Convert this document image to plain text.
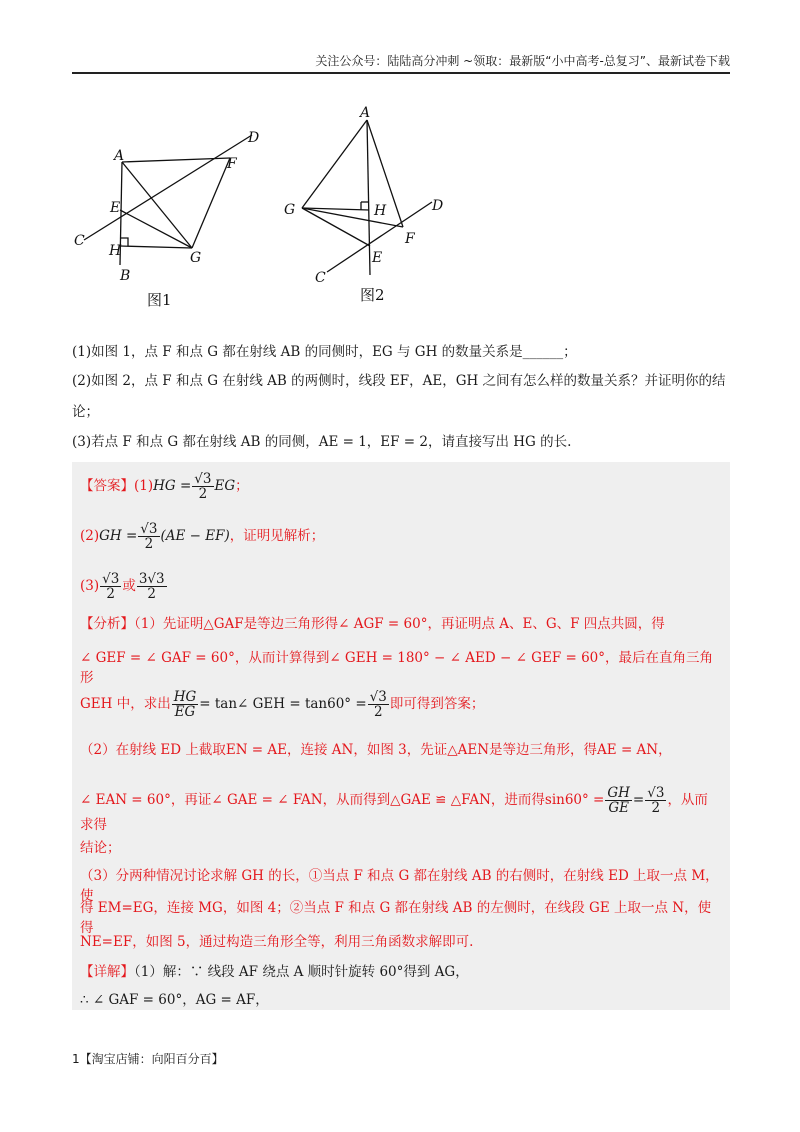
关注公众号：陆陆高分冲刺 ~领取：最新版“小中高考-总复习”、最新试卷下载
A
D
F
E
C
H	G
B
图1
A
G	H	D
F
E
C
图2
(1)如图 1，点 F 和点 G 都在射线 AB 的同侧时，EG 与 GH 的数量关系是______；
(2)如图 2，点 F 和点 G 在射线 AB 的两侧时，线段 EF，AE，GH 之间有怎么样的数量关系？并证明你的结
论；
(3)若点 F 和点 G 都在射线 AB 的同侧，AE = 1，EF = 2，请直接写出 HG 的长.
【答案】$(1)HG = \frac{√3}{2}$ EG；
$(2)GH = \frac{√3}{2} (AE - EF)$，证明见解析；
$(3) \frac{√3}{2}$ 或 $\frac{3√3}{2}$
【分析】（1）先证明△GAF是等边三角形得∠ AGF = 60°，再证明点 A、E、G、F 四点共圆，得
∠ GEF = ∠ GAF = 60°，从而计算得到∠ GEH = 180° − ∠ AED − ∠ GEF = 60°，最后在直角三角形
GEH 中，求出 $\frac{HG}{EG}$ = tan∠ GEH = $\tan 60^\circ = \frac{√3}{2}$ 即可得到答案；
（2）在射线 ED 上截取EN = AE，连接 AN，如图 3，先证△AEN是等边三角形，得AE = AN，
∠ EAN = 60°，再证∠ GAE = ∠ FAN，从而得到△GAE ≌ △FAN，进而得$\sin 60^\circ = \frac{GH}{GE} = \frac{√3}{2}$ ，从而求得
结论；
（3）分两种情况讨论求解 GH 的长，①当点 F 和点 G 都在射线 AB 的右侧时，在射线 ED 上取一点 M，使
得 EM=EG，连接 MG，如图 4；②当点 F 和点 G 都在射线 AB 的左侧时，在线段 GE 上取一点 N，使得
NE=EF，如图 5，通过构造三角形全等，利用三角函数求解即可.
【详解】（1）解：∵ 线段 AF 绕点 A 顺时针旋转 60°得到 AG，
∴ ∠ GAF = 60°，AG = AF，
1【淘宝店铺：向阳百分百】
